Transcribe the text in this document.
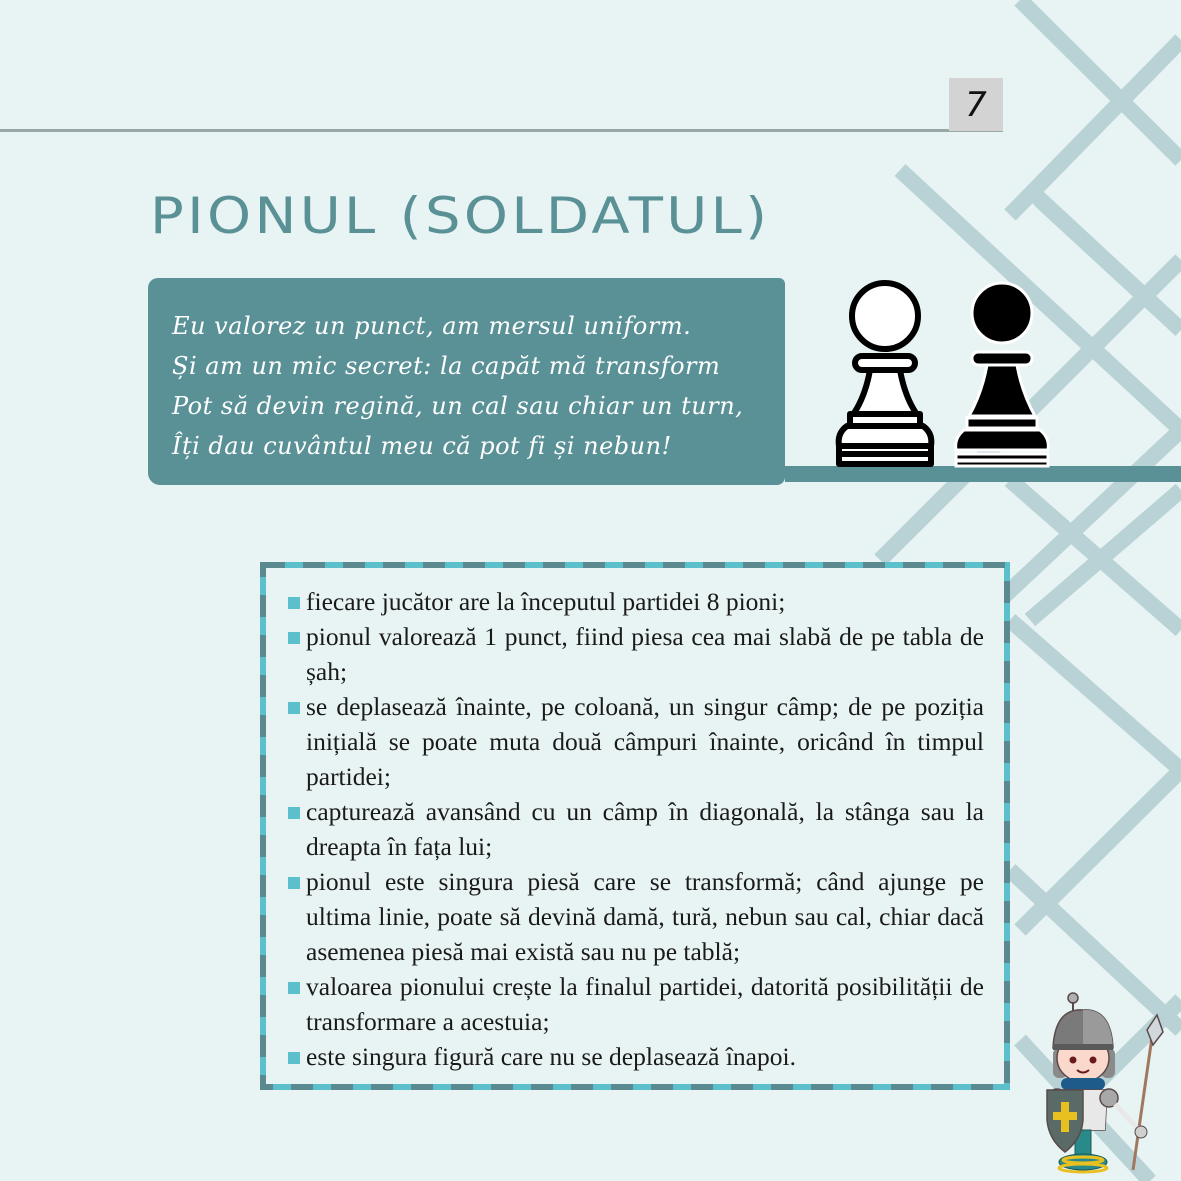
7
PIONUL (SOLDATUL)
Eu valorez un punct, am mersul uniform.
Și am un mic secret: la capăt mă transform
Pot să devin regină, un cal sau chiar un turn,
Îți dau cuvântul meu că pot fi și nebun!
fiecare jucător are la începutul partidei 8 pioni;
pionul valorează 1 punct, fiind piesa cea mai slabă de pe tabla de șah;
se deplasează înainte, pe coloană, un singur câmp; de pe poziția inițială se poate muta două câmpuri înainte, oricând în timpul partidei;
capturează avansând cu un câmp în diagonală, la stânga sau la dreapta în fața lui;
pionul este singura piesă care se transformă; când ajunge pe ultima linie, poate să devină damă, tură, nebun sau cal, chiar dacă asemenea piesă mai există sau nu pe tablă;
valoarea pionului crește la finalul partidei, datorită posibilității de transformare a acestuia;
este singura figură care nu se deplasează înapoi.
